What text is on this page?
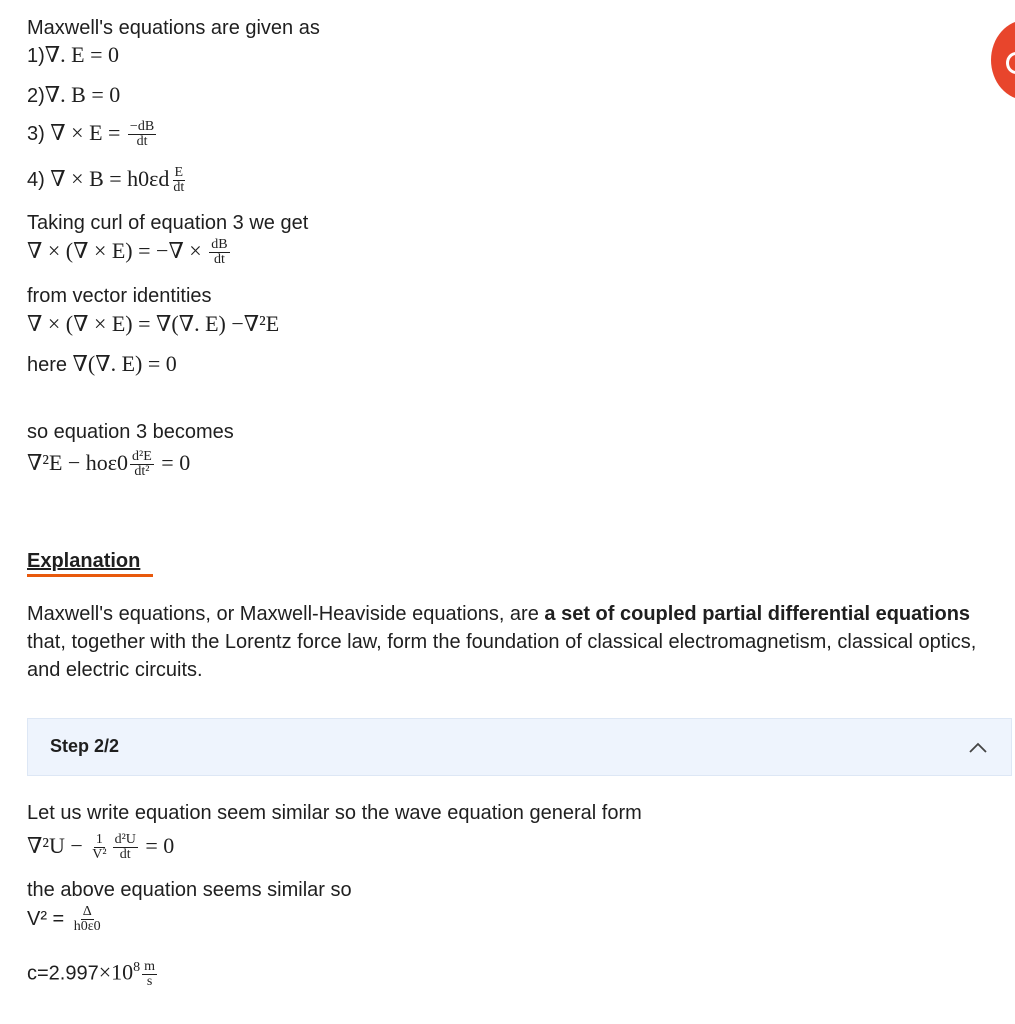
Maxwell's equations are given as
1)∇. E = 0
2)∇. B = 0
3) ∇ × $E = \frac{-dB}{dt}$
4) ∇ × $B = h0\varepsilon d \frac{E}{dt}$
Taking curl of equation 3 we get
∇ × (∇ × E) = −∇ × $\frac{dB}{dt}$
from vector identities
∇ × (∇ × E) = ∇(∇. E) −∇²E
here ∇(∇. E) = 0
so equation 3 becomes
$\nabla^2E - ho\varepsilon 0 \frac{\text{d²E}}{\text{dt²}} = 0$
Explanation
Maxwell's equations, or Maxwell-Heaviside equations, are a set of coupled partial differential equations that, together with the Lorentz force law, form the foundation of classical electromagnetism, classical optics, and electric circuits.
Step 2/2
Let us write equation seem similar so the wave equation general form
$\nabla^2U - \frac{1}{\text{V²}} \frac{\text{d²U}}{dt} = 0$
the above equation seems similar so
$V^2 = \frac{\Delta}{h0\varepsilon 0}$
$c=2.997\times 10^8 \frac{m}{s}$
